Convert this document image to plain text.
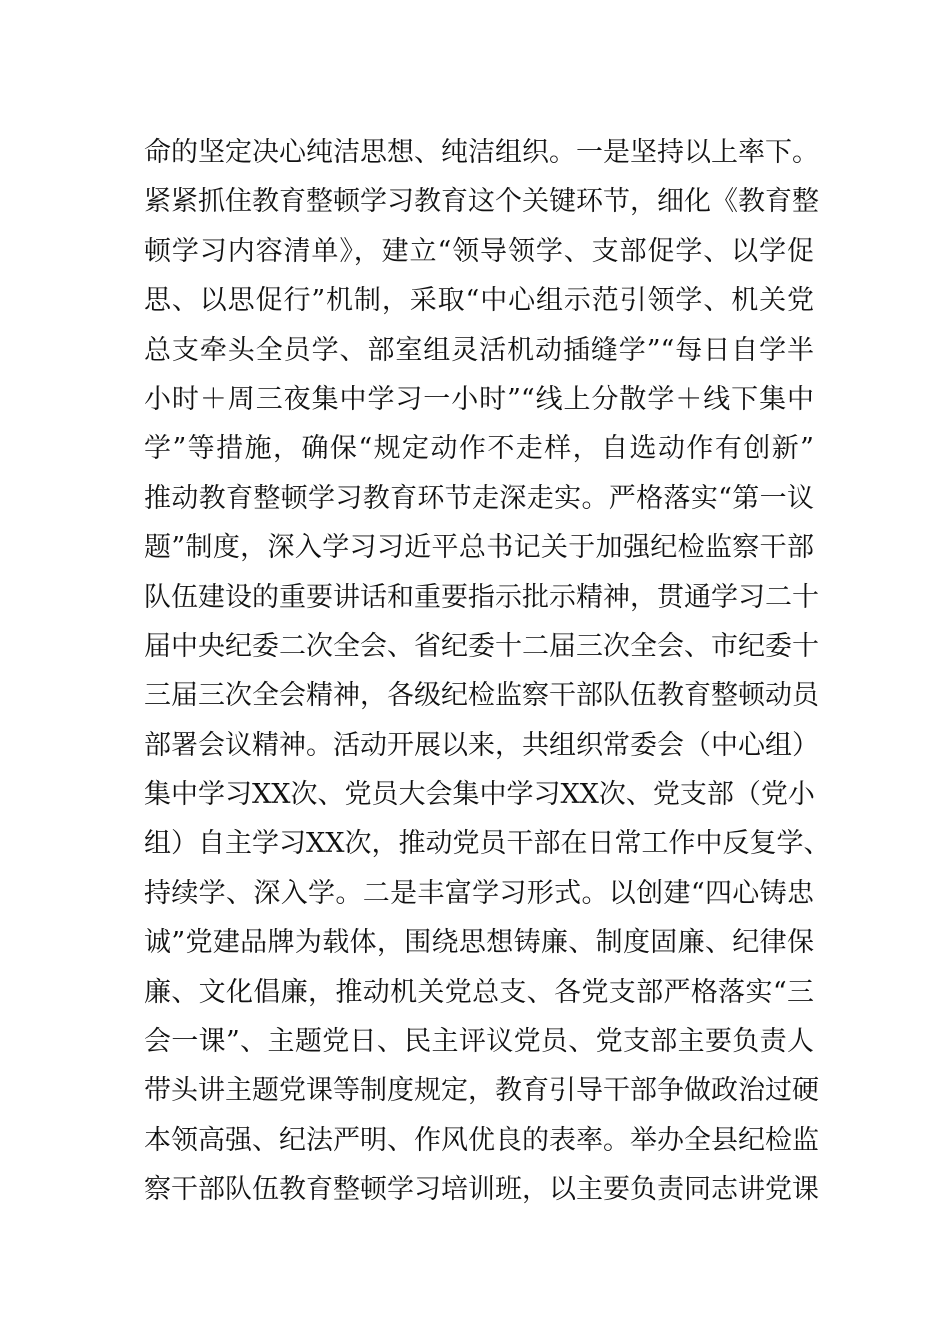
命的坚定决心纯洁思想、纯洁组织。一是坚持以上率下。
紧紧抓住教育整顿学习教育这个关键环节，细化《教育整
顿学习内容清单》，建立“领导领学、支部促学、以学促
思、以思促行”机制，采取“中心组示范引领学、机关党
总支牵头全员学、部室组灵活机动插缝学”“每日自学半
小时＋周三夜集中学习一小时”“线上分散学＋线下集中
学”等措施，确保“规定动作不走样，自选动作有创新”
推动教育整顿学习教育环节走深走实。严格落实“第一议
题”制度，深入学习习近平总书记关于加强纪检监察干部
队伍建设的重要讲话和重要指示批示精神，贯通学习二十
届中央纪委二次全会、省纪委十二届三次全会、市纪委十
三届三次全会精神，各级纪检监察干部队伍教育整顿动员
部署会议精神。活动开展以来，共组织常委会（中心组）
集中学习XX次、党员大会集中学习XX次、党支部（党小
组）自主学习XX次，推动党员干部在日常工作中反复学、
持续学、深入学。二是丰富学习形式。以创建“四心铸忠
诚”党建品牌为载体，围绕思想铸廉、制度固廉、纪律保
廉、文化倡廉，推动机关党总支、各党支部严格落实“三
会一课”、主题党日、民主评议党员、党支部主要负责人
带头讲主题党课等制度规定，教育引导干部争做政治过硬
本领高强、纪法严明、作风优良的表率。举办全县纪检监
察干部队伍教育整顿学习培训班，以主要负责同志讲党课
